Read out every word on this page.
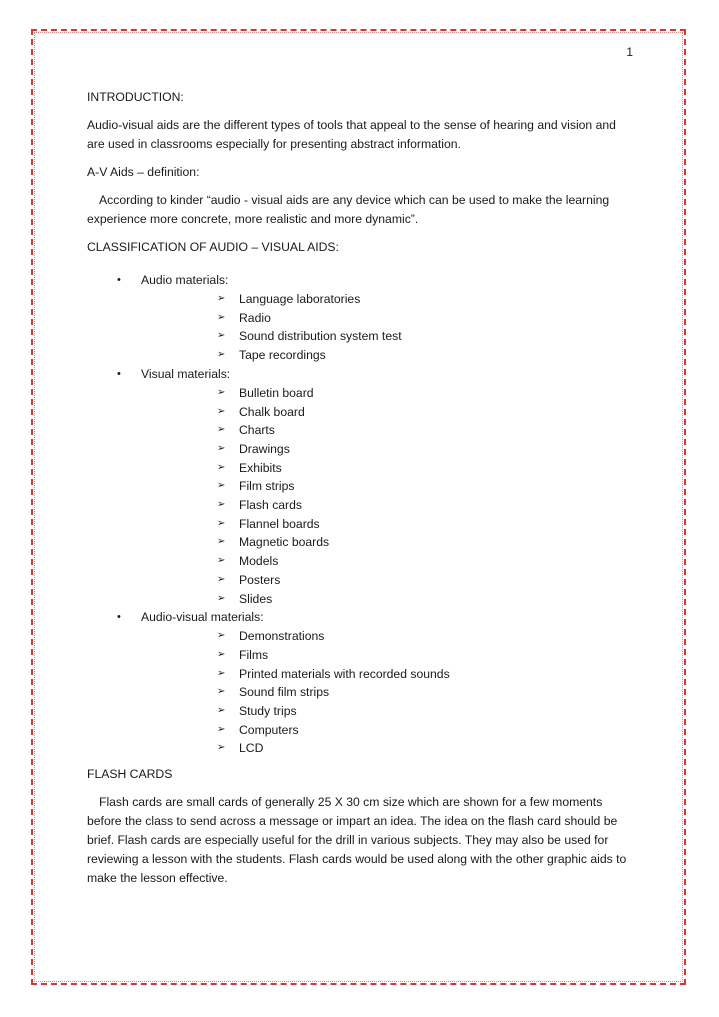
1

INTRODUCTION:

Audio-visual aids are the different types of tools that appeal to the sense of hearing and vision and are used in classrooms especially for presenting abstract information.

A-V Aids – definition:

According to kinder “audio - visual aids are any device which can be used to make the learning experience more concrete, more realistic and more dynamic”.

CLASSIFICATION OF AUDIO – VISUAL AIDS:

• Audio materials:
➢ Language laboratories
➢ Radio
➢ Sound distribution system test
➢ Tape recordings
• Visual materials:
➢ Bulletin board
➢ Chalk board
➢ Charts
➢ Drawings
➢ Exhibits
➢ Film strips
➢ Flash cards
➢ Flannel boards
➢ Magnetic boards
➢ Models
➢ Posters
➢ Slides
• Audio-visual materials:
➢ Demonstrations
➢ Films
➢ Printed materials with recorded sounds
➢ Sound film strips
➢ Study trips
➢ Computers
➢ LCD

FLASH CARDS

Flash cards are small cards of generally 25 X 30 cm size which are shown for a few moments before the class to send across a message or impart an idea. The idea on the flash card should be brief. Flash cards are especially useful for the drill in various subjects. They may also be used for reviewing a lesson with the students. Flash cards would be used along with the other graphic aids to make the lesson effective.
